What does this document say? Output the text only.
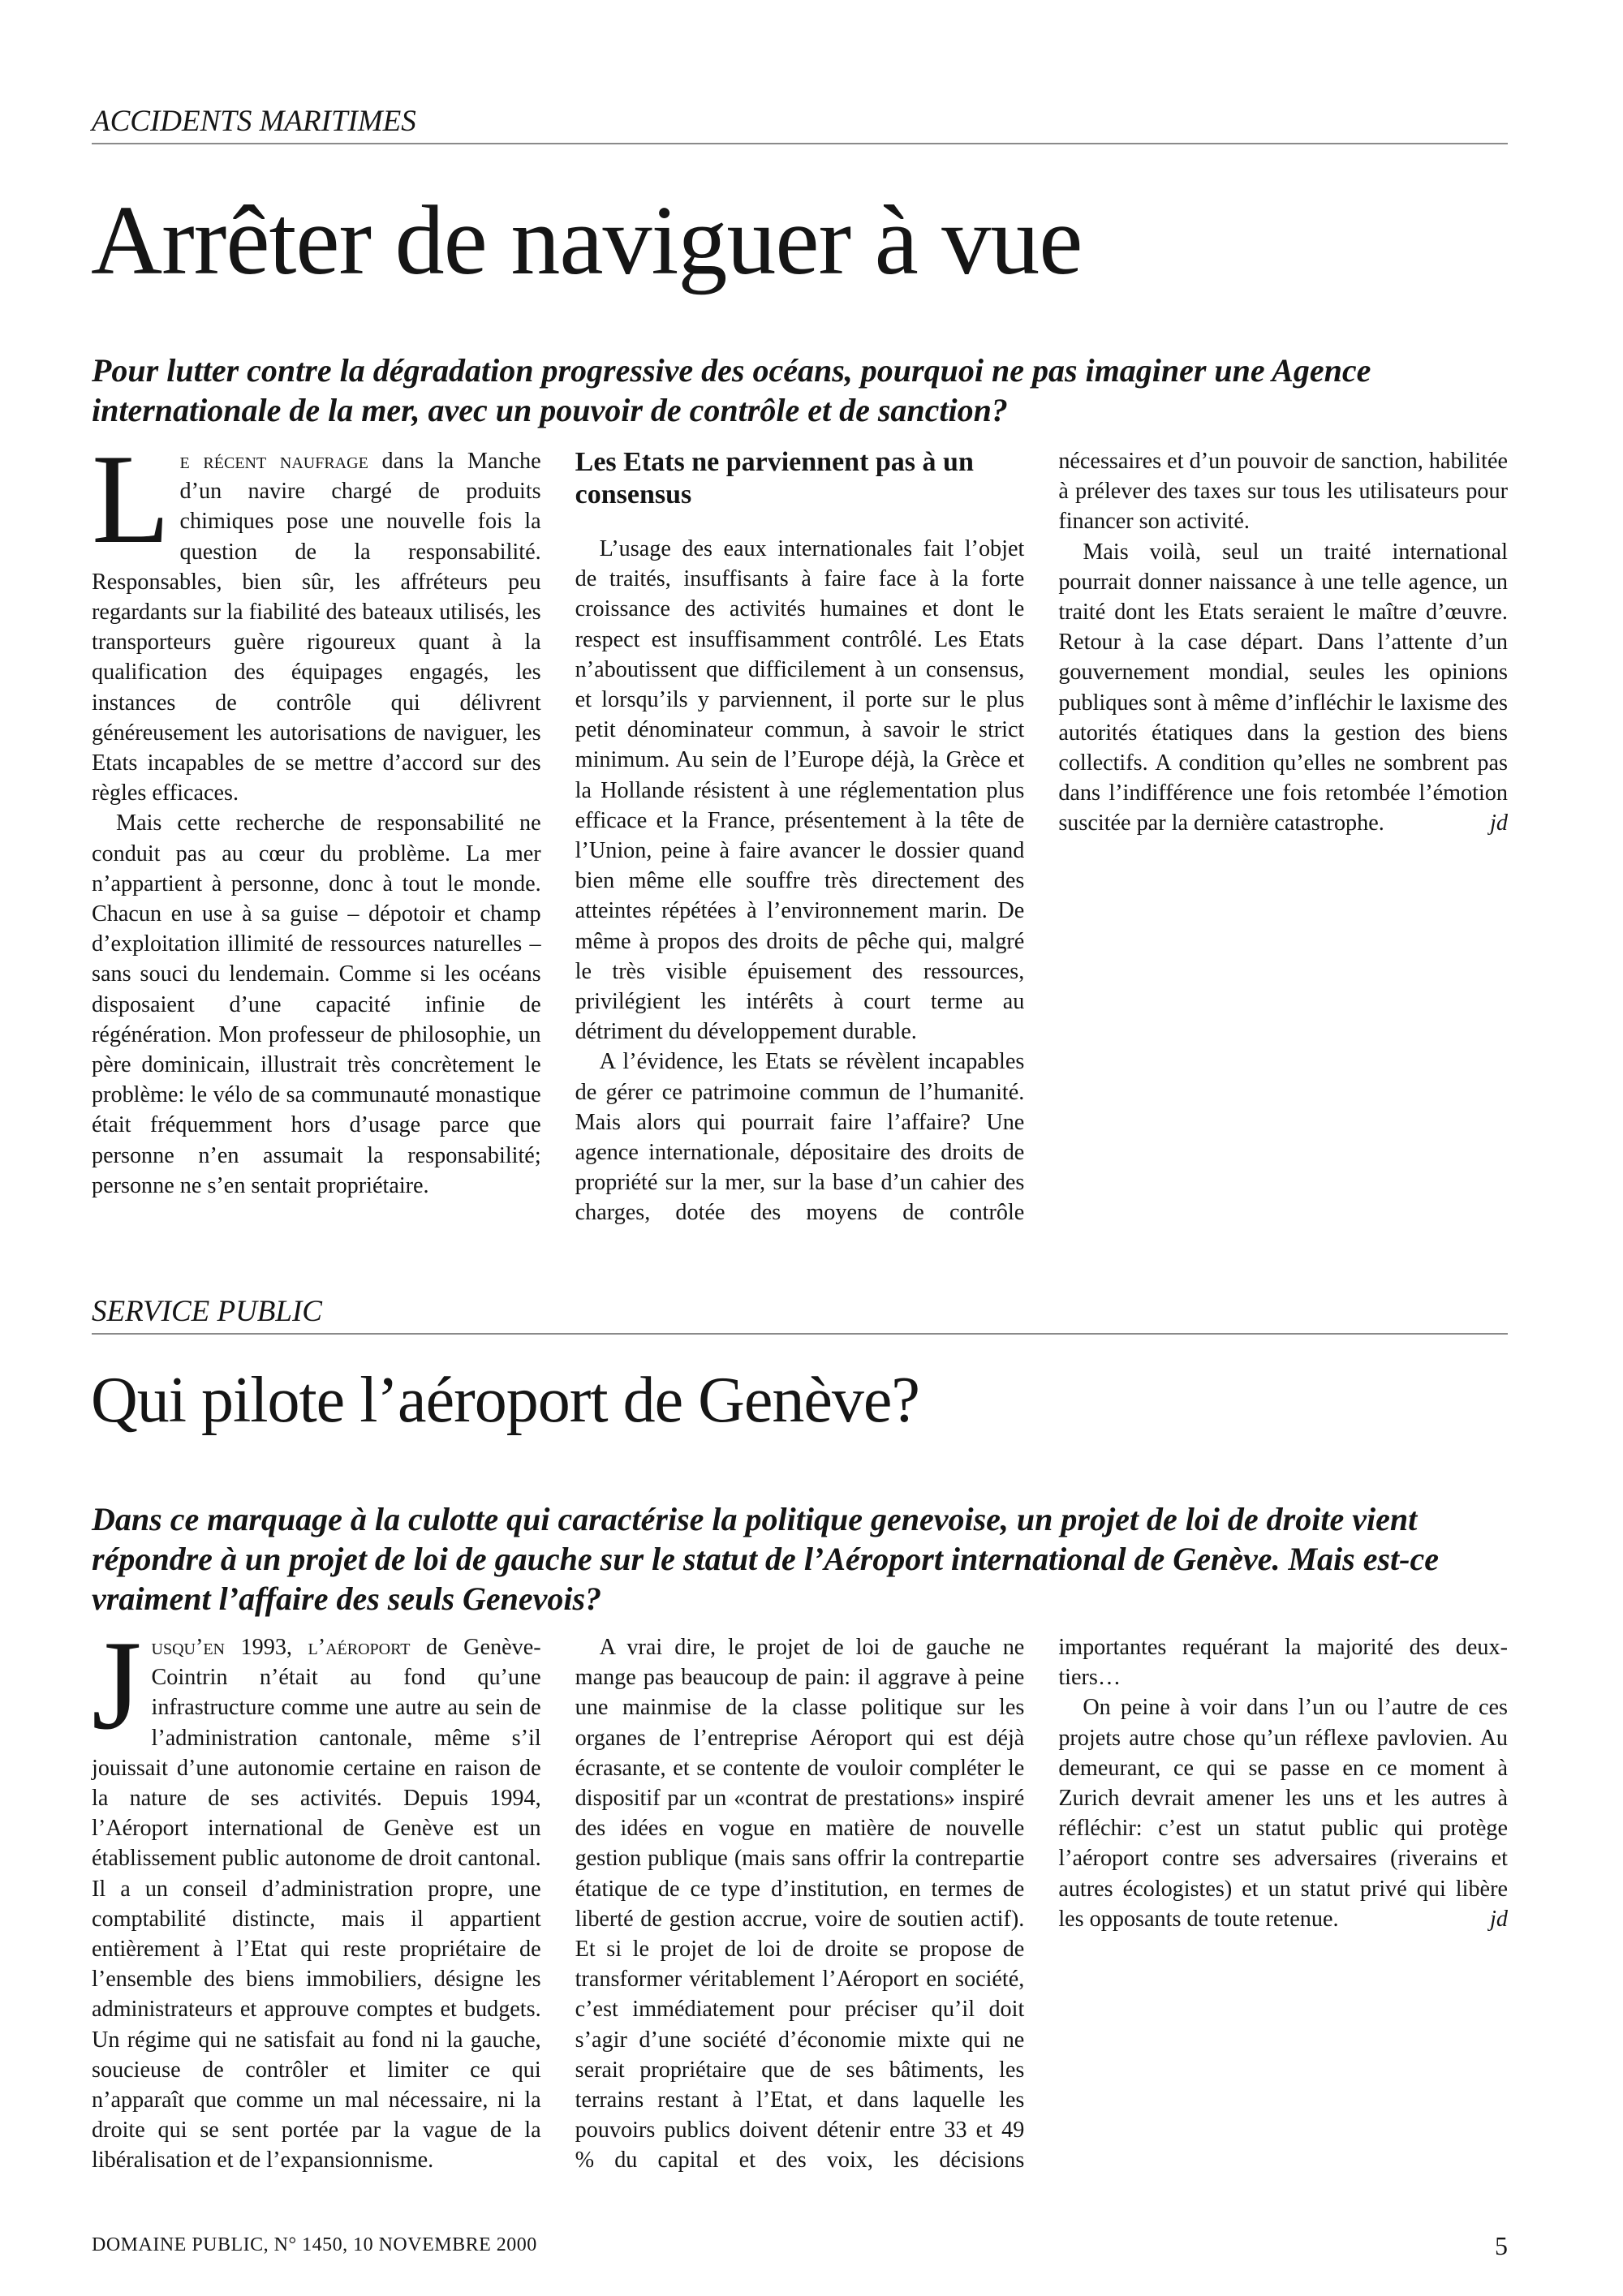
ACCIDENTS MARITIMES
Arrêter de naviguer à vue

Pour lutter contre la dégradation progressive des océans, pourquoi ne pas imaginer une Agence internationale de la mer, avec un pouvoir de contrôle et de sanction?

Le récent naufrage dans la Manche d’un navire chargé de produits chimiques pose une nouvelle fois la question de la responsabilité. Responsables, bien sûr, les affréteurs peu regardants sur la fiabilité des bateaux utilisés, les transporteurs guère rigoureux quant à la qualification des équipages engagés, les instances de contrôle qui délivrent généreusement les autorisations de naviguer, les Etats incapables de se mettre d’accord sur des règles efficaces.

Mais cette recherche de responsabilité ne conduit pas au cœur du problème. La mer n’appartient à personne, donc à tout le monde. Chacun en use à sa guise – dépotoir et champ d’exploitation illimité de ressources naturelles – sans souci du lendemain. Comme si les océans disposaient d’une capacité infinie de régénération. Mon professeur de philosophie, un père dominicain, illustrait très concrètement le problème: le vélo de sa communauté monastique était fréquemment hors d’usage parce que personne n’en assumait la responsabilité; personne ne s’en sentait propriétaire.

Les Etats ne parviennent pas à un consensus

L’usage des eaux internationales fait l’objet de traités, insuffisants à faire face à la forte croissance des activités humaines et dont le respect est insuffisamment contrôlé. Les Etats n’aboutissent que difficilement à un consensus, et lorsqu’ils y parviennent, il porte sur le plus petit dénominateur commun, à savoir le strict minimum. Au sein de l’Europe déjà, la Grèce et la Hollande résistent à une réglementation plus efficace et la France, présentement à la tête de l’Union, peine à faire avancer le dossier quand bien même elle souffre très directement des atteintes répétées à l’environnement marin. De même à propos des droits de pêche qui, malgré le très visible épuisement des ressources, privilégient les intérêts à court terme au détriment du développement durable.

A l’évidence, les Etats se révèlent incapables de gérer ce patrimoine commun de l’humanité. Mais alors qui pourrait faire l’affaire? Une agence internationale, dépositaire des droits de propriété sur la mer, sur la base d’un cahier des charges, dotée des moyens de contrôle nécessaires et d’un pouvoir de sanction, habilitée à prélever des taxes sur tous les utilisateurs pour financer son activité.

Mais voilà, seul un traité international pourrait donner naissance à une telle agence, un traité dont les Etats seraient le maître d’œuvre. Retour à la case départ. Dans l’attente d’un gouvernement mondial, seules les opinions publiques sont à même d’infléchir le laxisme des autorités étatiques dans la gestion des biens collectifs. A condition qu’elles ne sombrent pas dans l’indifférence une fois retombée l’émotion suscitée par la dernière catastrophe.	jd

SERVICE PUBLIC
Qui pilote l’aéroport de Genève?

Dans ce marquage à la culotte qui caractérise la politique genevoise, un projet de loi de droite vient répondre à un projet de loi de gauche sur le statut de l’Aéroport international de Genève. Mais est-ce vraiment l’affaire des seuls Genevois?

Jusqu’en 1993, l’aéroport de Genève-Cointrin n’était au fond qu’une infrastructure comme une autre au sein de l’administration cantonale, même s’il jouissait d’une autonomie certaine en raison de la nature de ses activités. Depuis 1994, l’Aéroport international de Genève est un établissement public autonome de droit cantonal. Il a un conseil d’administration propre, une comptabilité distincte, mais il appartient entièrement à l’Etat qui reste propriétaire de l’ensemble des biens immobiliers, désigne les administrateurs et approuve comptes et budgets. Un régime qui ne satisfait au fond ni la gauche, soucieuse de contrôler et limiter ce qui n’apparaît que comme un mal nécessaire, ni la droite qui se sent portée par la vague de la libéralisation et de l’expansionnisme.

A vrai dire, le projet de loi de gauche ne mange pas beaucoup de pain: il aggrave à peine une mainmise de la classe politique sur les organes de l’entreprise Aéroport qui est déjà écrasante, et se contente de vouloir compléter le dispositif par un «contrat de prestations» inspiré des idées en vogue en matière de nouvelle gestion publique (mais sans offrir la contrepartie étatique de ce type d’institution, en termes de liberté de gestion accrue, voire de soutien actif). Et si le projet de loi de droite se propose de transformer véritablement l’Aéroport en société, c’est immédiatement pour préciser qu’il doit s’agir d’une société d’économie mixte qui ne serait propriétaire que de ses bâtiments, les terrains restant à l’Etat, et dans laquelle les pouvoirs publics doivent détenir entre 33 et 49 % du capital et des voix, les décisions importantes requérant la majorité des deux-tiers…

On peine à voir dans l’un ou l’autre de ces projets autre chose qu’un réflexe pavlovien. Au demeurant, ce qui se passe en ce moment à Zurich devrait amener les uns et les autres à réfléchir: c’est un statut public qui protège l’aéroport contre ses adversaires (riverains et autres écologistes) et un statut privé qui libère les opposants de toute retenue.	jd

DOMAINE PUBLIC, N° 1450, 10 NOVEMBRE 2000	5
